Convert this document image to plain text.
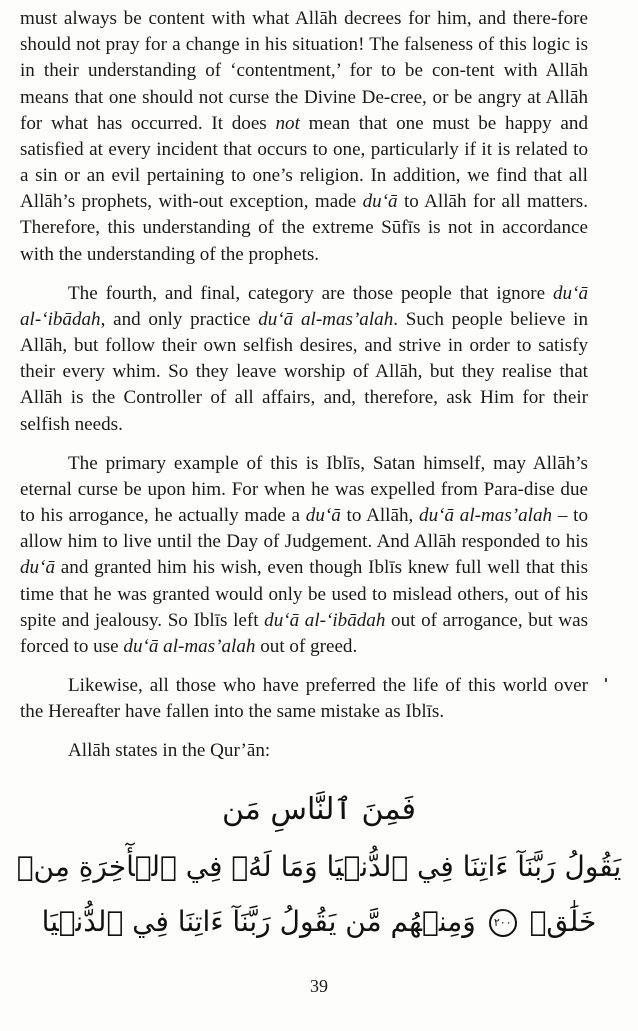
must always be content with what Allāh decrees for him, and there-fore should not pray for a change in his situation! The falseness of this logic is in their understanding of ‘contentment,’ for to be con-tent with Allāh means that one should not curse the Divine De-cree, or be angry at Allāh for what has occurred. It does not mean that one must be happy and satisfied at every incident that occurs to one, particularly if it is related to a sin or an evil pertaining to one’s religion. In addition, we find that all Allāh’s prophets, with-out exception, made du‘ā to Allāh for all matters. Therefore, this understanding of the extreme Sūfīs is not in accordance with the understanding of the prophets.

The fourth, and final, category are those people that ignore du‘ā al-‘ibādah, and only practice du‘ā al-mas’alah. Such people believe in Allāh, but follow their own selfish desires, and strive in order to satisfy their every whim. So they leave worship of Allāh, but they realise that Allāh is the Controller of all affairs, and, therefore, ask Him for their selfish needs.

The primary example of this is Iblīs, Satan himself, may Allāh’s eternal curse be upon him. For when he was expelled from Para-dise due to his arrogance, he actually made a du‘ā to Allāh, du‘ā al-mas’alah – to allow him to live until the Day of Judgement. And Allāh responded to his du‘ā and granted him his wish, even though Iblīs knew full well that this time that he was granted would only be used to mislead others, out of his spite and jealousy. So Iblīs left du‘ā al-‘ibādah out of arrogance, but was forced to use du‘ā al-mas’alah out of greed.

Likewise, all those who have preferred the life of this world over the Hereafter have fallen into the same mistake as Iblīs.

Allāh states in the Qur’ān:

فَمِنَ ٱلنَّاسِ مَن
يَقُولُ رَبَّنَآ ءَاتِنَا فِي ٱلدُّنۡيَا وَمَا لَهُۥ فِي ٱلۡأٓخِرَةِ مِنۡ
خَلَٰقٖ ٢٠٠ وَمِنۡهُم مَّن يَقُولُ رَبَّنَآ ءَاتِنَا فِي ٱلدُّنۡيَا
39
